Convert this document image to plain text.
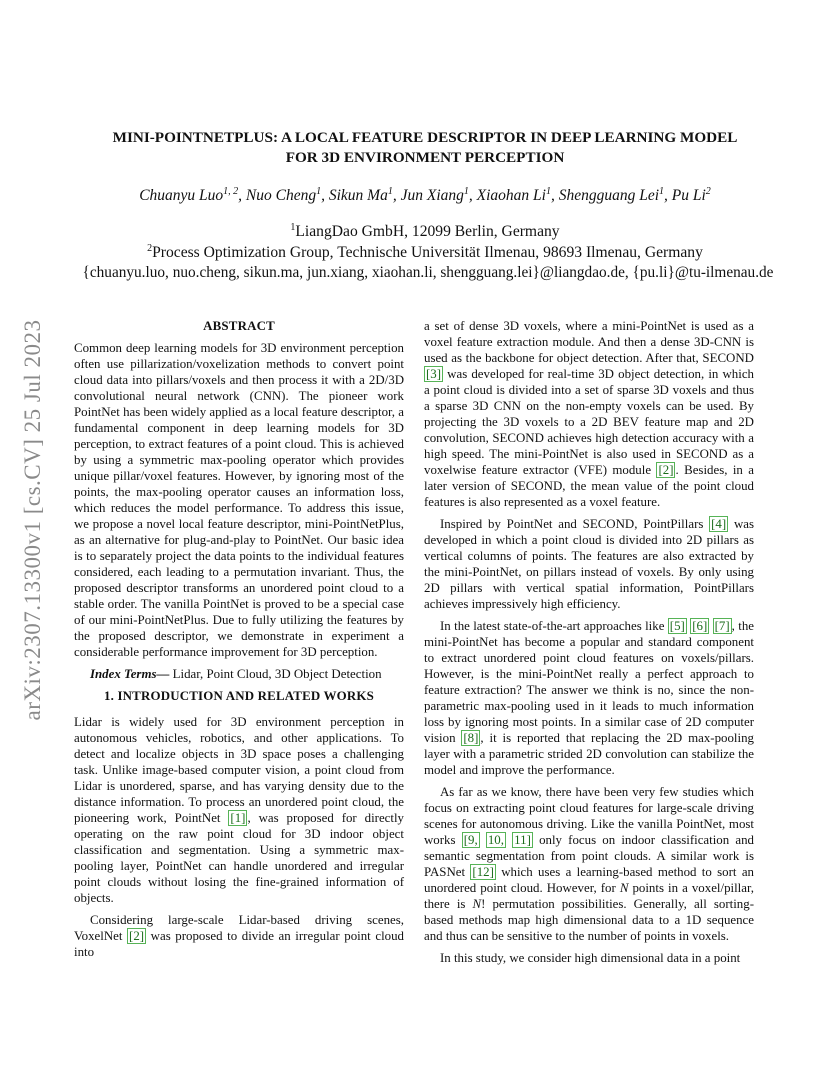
arXiv:2307.13300v1 [cs.CV] 25 Jul 2023
MINI-POINTNETPLUS: A LOCAL FEATURE DESCRIPTOR IN DEEP LEARNING MODEL
FOR 3D ENVIRONMENT PERCEPTION

Chuanyu Luo$^{1, 2}$, Nuo Cheng$^1$, Sikun Ma$^1$, Jun Xiang$^1$, Xiaohan Li$^1$, Shengguang Lei$^1$, Pu Li$^2$

$^1$LiangDao GmbH, 12099 Berlin, Germany

$^2$Process Optimization Group, Technische Universität Ilmenau, 98693 Ilmenau, Germany

{chuanyu.luo, nuo.cheng, sikun.ma, jun.xiang, xiaohan.li, shengguang.lei}@liangdao.de, {pu.li}@tu-ilmenau.de

ABSTRACT

Common deep learning models for 3D environment perception often use pillarization/voxelization methods to convert point cloud data into pillars/voxels and then process it with a 2D/3D convolutional neural network (CNN). The pioneer work PointNet has been widely applied as a local feature descriptor, a fundamental component in deep learning models for 3D perception, to extract features of a point cloud. This is achieved by using a symmetric max-pooling operator which provides unique pillar/voxel features. However, by ignoring most of the points, the max-pooling operator causes an information loss, which reduces the model performance. To address this issue, we propose a novel local feature descriptor, mini-PointNetPlus, as an alternative for plug-and-play to PointNet. Our basic idea is to separately project the data points to the individual features considered, each leading to a permutation invariant. Thus, the proposed descriptor transforms an unordered point cloud to a stable order. The vanilla PointNet is proved to be a special case of our mini-PointNetPlus. Due to fully utilizing the features by the proposed descriptor, we demonstrate in experiment a considerable performance improvement for 3D perception.

Index Terms— Lidar, Point Cloud, 3D Object Detection

1. INTRODUCTION AND RELATED WORKS

Lidar is widely used for 3D environment perception in autonomous vehicles, robotics, and other applications. To detect and localize objects in 3D space poses a challenging task. Unlike image-based computer vision, a point cloud from Lidar is unordered, sparse, and has varying density due to the distance information. To process an unordered point cloud, the pioneering work, PointNet [1] , was proposed for directly operating on the raw point cloud for 3D indoor object classification and segmentation. Using a symmetric max-pooling layer, PointNet can handle unordered and irregular point clouds without losing the fine-grained information of objects.

Considering large-scale Lidar-based driving scenes, VoxelNet [2] was proposed to divide an irregular point cloud into

a set of dense 3D voxels, where a mini-PointNet is used as a voxel feature extraction module. And then a dense 3D-CNN is used as the backbone for object detection. After that, SECOND [3] was developed for real-time 3D object detection, in which a point cloud is divided into a set of sparse 3D voxels and thus a sparse 3D CNN on the non-empty voxels can be used. By projecting the 3D voxels to a 2D BEV feature map and 2D convolution, SECOND achieves high detection accuracy with a high speed. The mini-PointNet is also used in SECOND as a voxelwise feature extractor (VFE) module [2] . Besides, in a later version of SECOND, the mean value of the point cloud features is also represented as a voxel feature.

Inspired by PointNet and SECOND, PointPillars [4] was developed in which a point cloud is divided into 2D pillars as vertical columns of points. The features are also extracted by the mini-PointNet, on pillars instead of voxels. By only using 2D pillars with vertical spatial information, PointPillars achieves impressively high efficiency.

In the latest state-of-the-art approaches like [5] [6] [7] , the mini-PointNet has become a popular and standard component to extract unordered point cloud features on voxels/pillars. However, is the mini-PointNet really a perfect approach to feature extraction? The answer we think is no, since the non-parametric max-pooling used in it leads to much information loss by ignoring most points. In a similar case of 2D computer vision [8] , it is reported that replacing the 2D max-pooling layer with a parametric strided 2D convolution can stabilize the model and improve the performance.

As far as we know, there have been very few studies which focus on extracting point cloud features for large-scale driving scenes for autonomous driving. Like the vanilla PointNet, most works [9, 10, 11] only focus on indoor classification and semantic segmentation from point clouds. A similar work is PASNet [12] which uses a learning-based method to sort an unordered point cloud. However, for N points in a voxel/pillar, there is N! permutation possibilities. Generally, all sorting-based methods map high dimensional data to a 1D sequence and thus can be sensitive to the number of points in voxels.

In this study, we consider high dimensional data in a point
